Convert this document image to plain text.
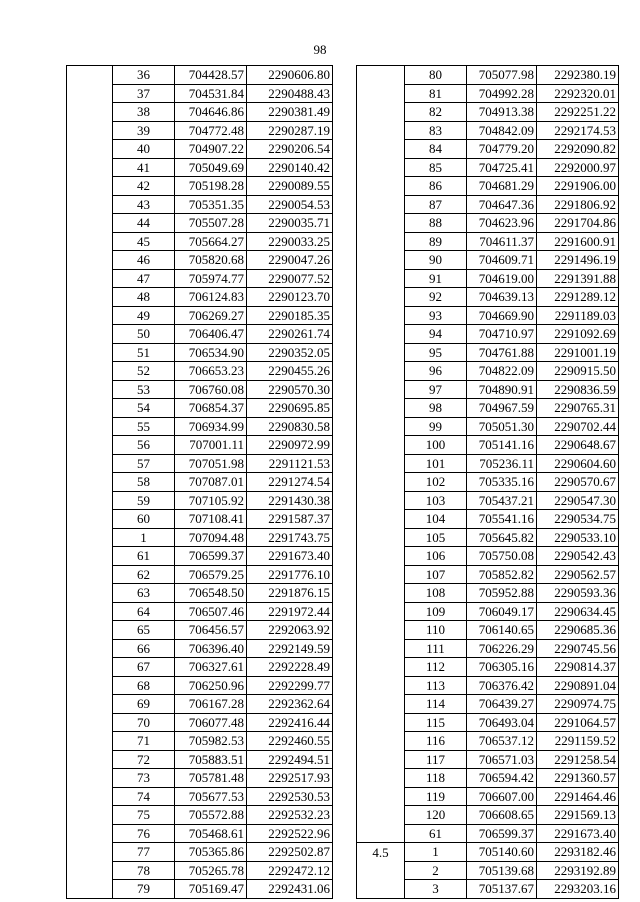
98
	36	704428.57	2290606.80
	37	704531.84	2290488.43
	38	704646.86	2290381.49
	39	704772.48	2290287.19
	40	704907.22	2290206.54
	41	705049.69	2290140.42
	42	705198.28	2290089.55
	43	705351.35	2290054.53
	44	705507.28	2290035.71
	45	705664.27	2290033.25
	46	705820.68	2290047.26
	47	705974.77	2290077.52
	48	706124.83	2290123.70
	49	706269.27	2290185.35
	50	706406.47	2290261.74
	51	706534.90	2290352.05
	52	706653.23	2290455.26
	53	706760.08	2290570.30
	54	706854.37	2290695.85
	55	706934.99	2290830.58
	56	707001.11	2290972.99
	57	707051.98	2291121.53
	58	707087.01	2291274.54
	59	707105.92	2291430.38
	60	707108.41	2291587.37
	1	707094.48	2291743.75
	61	706599.37	2291673.40
	62	706579.25	2291776.10
	63	706548.50	2291876.15
	64	706507.46	2291972.44
	65	706456.57	2292063.92
	66	706396.40	2292149.59
	67	706327.61	2292228.49
	68	706250.96	2292299.77
	69	706167.28	2292362.64
	70	706077.48	2292416.44
	71	705982.53	2292460.55
	72	705883.51	2292494.51
	73	705781.48	2292517.93
	74	705677.53	2292530.53
	75	705572.88	2292532.23
	76	705468.61	2292522.96
	77	705365.86	2292502.87
	78	705265.78	2292472.12
	79	705169.47	2292431.06
	80	705077.98	2292380.19
	81	704992.28	2292320.01
	82	704913.38	2292251.22
	83	704842.09	2292174.53
	84	704779.20	2292090.82
	85	704725.41	2292000.97
	86	704681.29	2291906.00
	87	704647.36	2291806.92
	88	704623.96	2291704.86
	89	704611.37	2291600.91
	90	704609.71	2291496.19
	91	704619.00	2291391.88
	92	704639.13	2291289.12
	93	704669.90	2291189.03
	94	704710.97	2291092.69
	95	704761.88	2291001.19
	96	704822.09	2290915.50
	97	704890.91	2290836.59
	98	704967.59	2290765.31
	99	705051.30	2290702.44
	100	705141.16	2290648.67
	101	705236.11	2290604.60
	102	705335.16	2290570.67
	103	705437.21	2290547.30
	104	705541.16	2290534.75
	105	705645.82	2290533.10
	106	705750.08	2290542.43
	107	705852.82	2290562.57
	108	705952.88	2290593.36
	109	706049.17	2290634.45
	110	706140.65	2290685.36
	111	706226.29	2290745.56
	112	706305.16	2290814.37
	113	706376.42	2290891.04
	114	706439.27	2290974.75
	115	706493.04	2291064.57
	116	706537.12	2291159.52
	117	706571.03	2291258.54
	118	706594.42	2291360.57
	119	706607.00	2291464.46
	120	706608.65	2291569.13
	61	706599.37	2291673.40
4.5	1	705140.60	2293182.46
	2	705139.68	2293192.89
	3	705137.67	2293203.16
